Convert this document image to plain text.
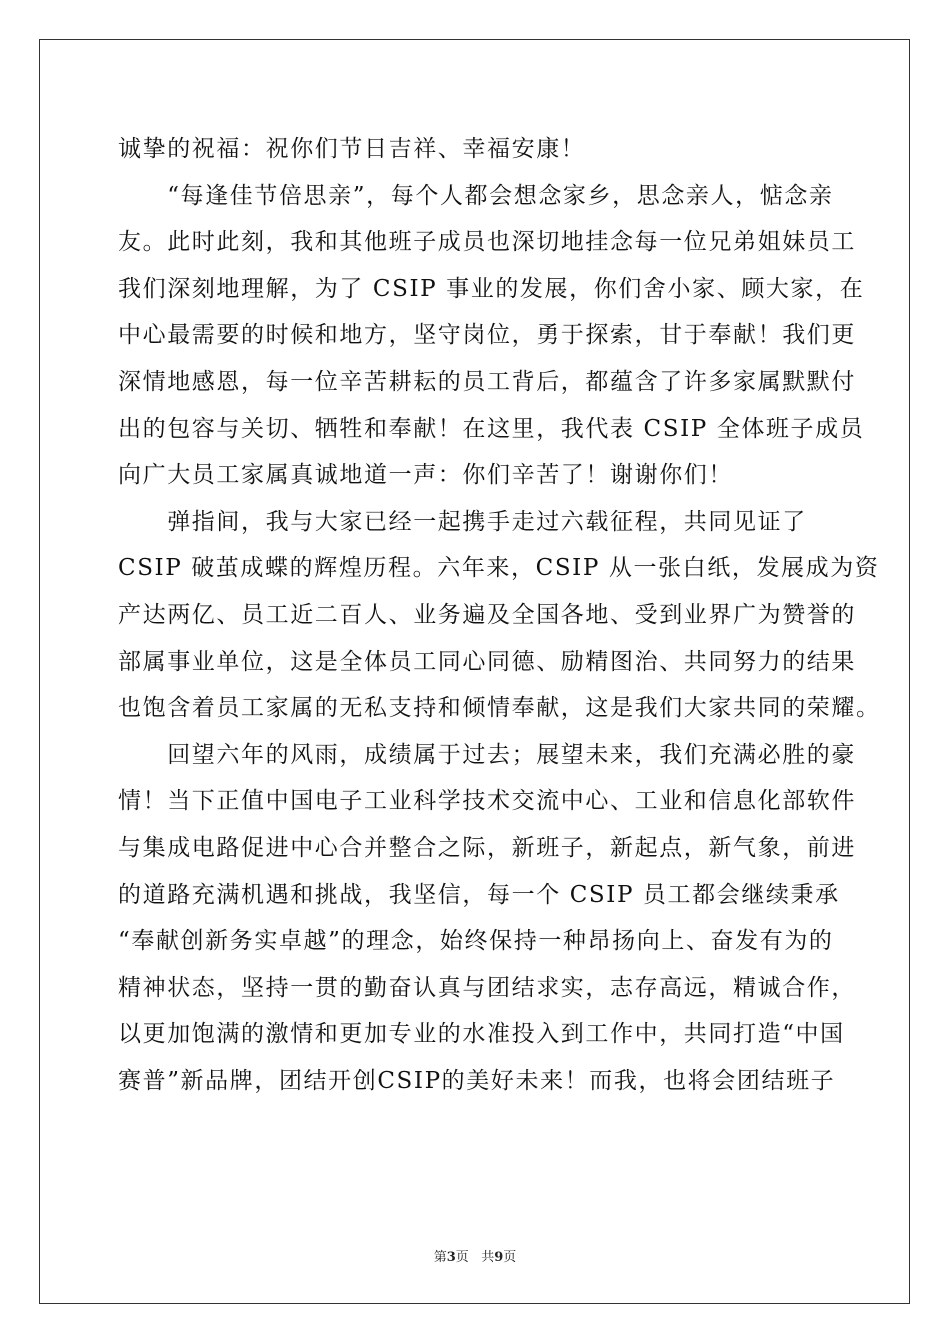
诚挚的祝福：祝你们节日吉祥、幸福安康！
　　“每逢佳节倍思亲”，每个人都会想念家乡，思念亲人，惦念亲
友。此时此刻，我和其他班子成员也深切地挂念每一位兄弟姐妹员工
我们深刻地理解，为了 CSIP 事业的发展，你们舍小家、顾大家，在
中心最需要的时候和地方，坚守岗位，勇于探索，甘于奉献！我们更
深情地感恩，每一位辛苦耕耘的员工背后，都蕴含了许多家属默默付
出的包容与关切、牺牲和奉献！在这里，我代表 CSIP 全体班子成员
向广大员工家属真诚地道一声：你们辛苦了！谢谢你们！
　　弹指间，我与大家已经一起携手走过六载征程，共同见证了
CSIP 破茧成蝶的辉煌历程。六年来，CSIP 从一张白纸，发展成为资
产达两亿、员工近二百人、业务遍及全国各地、受到业界广为赞誉的
部属事业单位，这是全体员工同心同德、励精图治、共同努力的结果
也饱含着员工家属的无私支持和倾情奉献，这是我们大家共同的荣耀。
　　回望六年的风雨，成绩属于过去；展望未来，我们充满必胜的豪
情！当下正值中国电子工业科学技术交流中心、工业和信息化部软件
与集成电路促进中心合并整合之际，新班子，新起点，新气象，前进
的道路充满机遇和挑战，我坚信，每一个 CSIP 员工都会继续秉承
“奉献创新务实卓越”的理念，始终保持一种昂扬向上、奋发有为的
精神状态，坚持一贯的勤奋认真与团结求实，志存高远，精诚合作，
以更加饱满的激情和更加专业的水准投入到工作中，共同打造“中国
赛普”新品牌，团结开创CSIP的美好未来！而我，也将会团结班子
第3页 共9页
